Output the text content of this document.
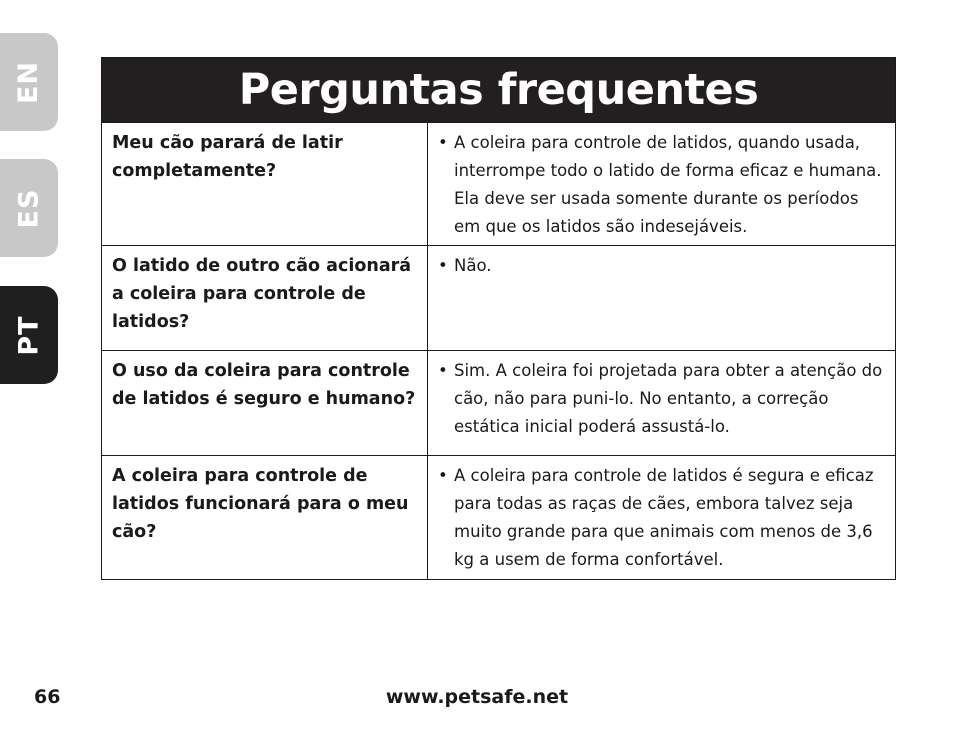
EN
ES
PT
Perguntas frequentes
Meu cão parará de latir completamente?
• A coleira para controle de latidos, quando usada, interrompe todo o latido de forma eficaz e humana. Ela deve ser usada somente durante os períodos em que os latidos são indesejáveis.
O latido de outro cão acionará a coleira para controle de latidos?
• Não.
O uso da coleira para controle de latidos é seguro e humano?
• Sim. A coleira foi projetada para obter a atenção do cão, não para puni-lo. No entanto, a correção estática inicial poderá assustá-lo.
A coleira para controle de latidos funcionará para o meu cão?
• A coleira para controle de latidos é segura e eficaz para todas as raças de cães, embora talvez seja muito grande para que animais com menos de 3,6 kg a usem de forma confortável.
66	www.petsafe.net
